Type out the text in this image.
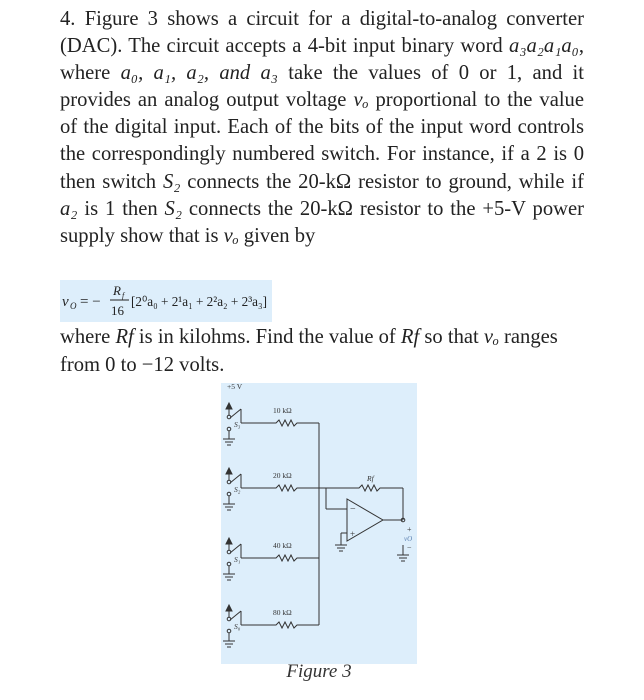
4. Figure 3 shows a circuit for a digital-to-analog converter (DAC). The circuit accepts a 4-bit input binary word a₃a₂a₁a₀, where a₀, a₁, a₂, and a₃ take the values of 0 or 1, and it provides an analog output voltage vₒ proportional to the value of the digital input. Each of the bits of the input word controls the correspondingly numbered switch. For instance, if a 2 is 0 then switch S₂ connects the 20-kΩ resistor to ground, while if a₂ is 1 then S₂ connects the 20-kΩ resistor to the +5-V power supply show that is vₒ given by
v O = −
R f
16
[2⁰a₀ + 2¹a₁ + 2²a₂ + 2³a₃]
where Rf is in kilohms. Find the value of Rf so that vₒ ranges from 0 to −12 volts.
+5 V
10 kΩ
20 kΩ
40 kΩ
80 kΩ
S₃
S₂
S₁
S₀
Rf
−
+	+
−
vO
Figure 3
